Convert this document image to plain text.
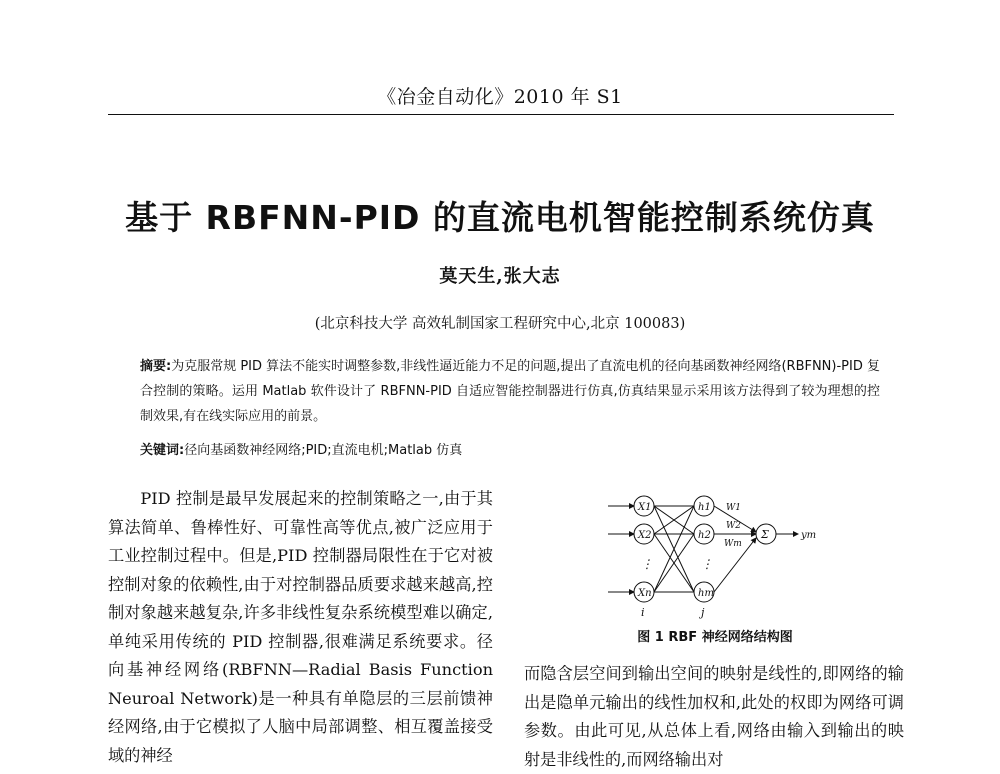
《冶金自动化》2010 年 S1
基于 RBFNN-PID 的直流电机智能控制系统仿真
莫天生,张大志
(北京科技大学 高效轧制国家工程研究中心,北京 100083)
摘要:为克服常规 PID 算法不能实时调整参数,非线性逼近能力不足的问题,提出了直流电机的径向基函数神经网络(RBFNN)-PID 复合控制的策略。运用 Matlab 软件设计了 RBFNN-PID 自适应智能控制器进行仿真,仿真结果显示采用该方法得到了较为理想的控制效果,有在线实际应用的前景。
关键词:径向基函数神经网络;PID;直流电机;Matlab 仿真
PID 控制是最早发展起来的控制策略之一,由于其算法简单、鲁棒性好、可靠性高等优点,被广泛应用于工业控制过程中。但是,PID 控制器局限性在于它对被控制对象的依赖性,由于对控制器品质要求越来越高,控制对象越来越复杂,许多非线性复杂系统模型难以确定,单纯采用传统的 PID 控制器,很难满足系统要求。径向基神经网络(RBFNN—Radial Basis Function Neuroal Network)是一种具有单隐层的三层前馈神经网络,由于它模拟了人脑中局部调整、相互覆盖接受域的神经
X1
X2
Xn
h1
h2
hm
W1
W2
Wm
Σ	ym
⋮	⋮
i	j
图 1 RBF 神经网络结构图
而隐含层空间到输出空间的映射是线性的,即网络的输出是隐单元输出的线性加权和,此处的权即为网络可调参数。由此可见,从总体上看,网络由输入到输出的映射是非线性的,而网络输出对
